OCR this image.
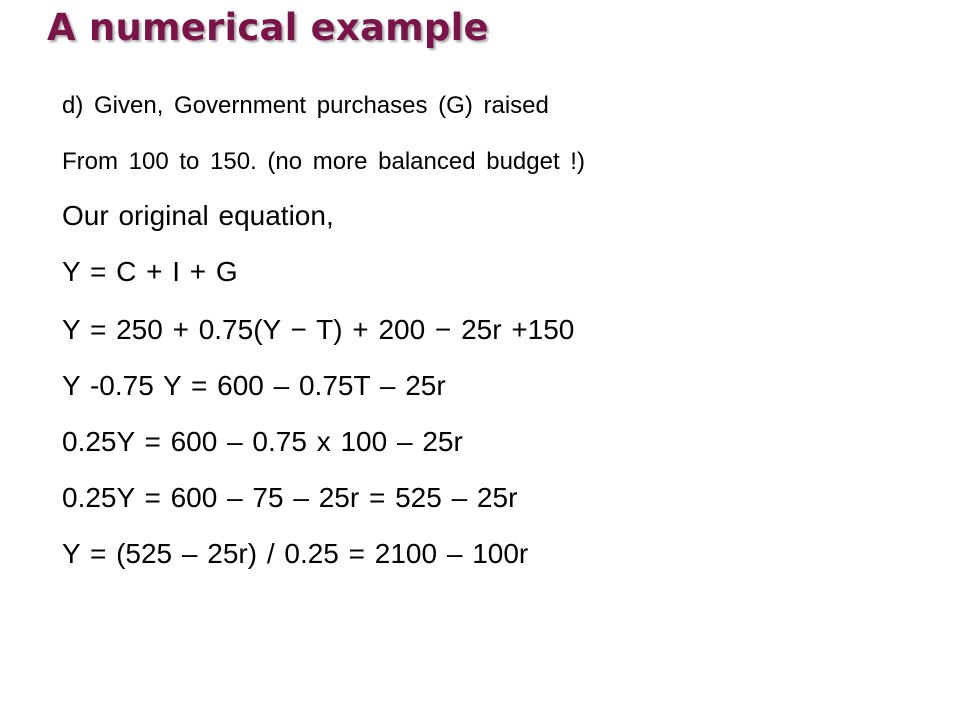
A numerical example
d) Given, Government purchases (G) raised
From 100 to 150. (no more balanced budget !)
Our original equation,
Y = C + I + G
Y = 250 + 0.75(Y − T) + 200 − 25r +150
Y -0.75 Y = 600 – 0.75T – 25r
0.25Y = 600 – 0.75 x 100 – 25r
0.25Y = 600 – 75 – 25r = 525 – 25r
Y = (525 – 25r) / 0.25 = 2100 – 100r
